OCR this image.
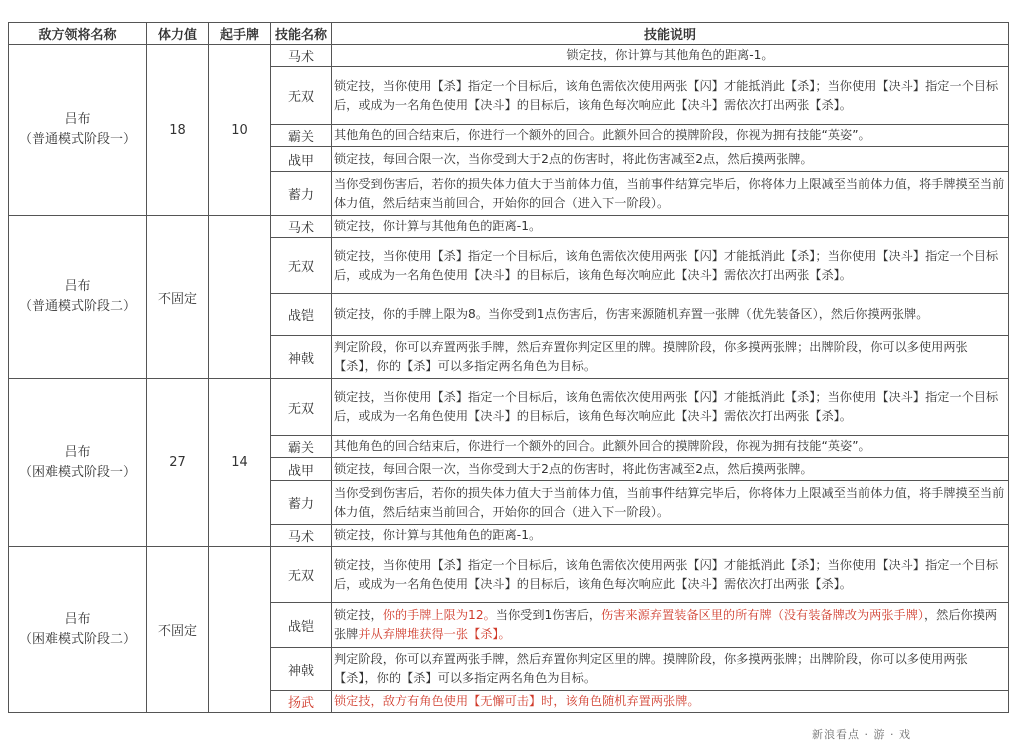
敌方领将名称	体力值	起手牌	技能名称	技能说明
吕布
（普通模式阶段一）	18	10	马术	锁定技，你计算与其他角色的距离-1。
			无双	锁定技，当你使用【杀】指定一个目标后，该角色需依次使用两张【闪】才能抵消此【杀】；当你使用【决斗】指定一个目标后，或成为一名角色使用【决斗】的目标后，该角色每次响应此【决斗】需依次打出两张【杀】。
			霸关	其他角色的回合结束后，你进行一个额外的回合。此额外回合的摸牌阶段，你视为拥有技能“英姿”。
			战甲	锁定技，每回合限一次，当你受到大于2点的伤害时，将此伤害减至2点，然后摸两张牌。
			蓄力	当你受到伤害后，若你的损失体力值大于当前体力值，当前事件结算完毕后，你将体力上限减至当前体力值，将手牌摸至当前体力值，然后结束当前回合，开始你的回合（进入下一阶段）。
吕布
（普通模式阶段二）	不固定		马术	锁定技，你计算与其他角色的距离-1。
			无双	锁定技，当你使用【杀】指定一个目标后，该角色需依次使用两张【闪】才能抵消此【杀】；当你使用【决斗】指定一个目标后，或成为一名角色使用【决斗】的目标后，该角色每次响应此【决斗】需依次打出两张【杀】。
			战铠	锁定技，你的手牌上限为8。当你受到1点伤害后，伤害来源随机弃置一张牌（优先装备区），然后你摸两张牌。
			神戟	判定阶段，你可以弃置两张手牌，然后弃置你判定区里的牌。摸牌阶段，你多摸两张牌；出牌阶段，你可以多使用两张【杀】，你的【杀】可以多指定两名角色为目标。
吕布
（困难模式阶段一）	27	14	无双	锁定技，当你使用【杀】指定一个目标后，该角色需依次使用两张【闪】才能抵消此【杀】；当你使用【决斗】指定一个目标后，或成为一名角色使用【决斗】的目标后，该角色每次响应此【决斗】需依次打出两张【杀】。
			霸关	其他角色的回合结束后，你进行一个额外的回合。此额外回合的摸牌阶段，你视为拥有技能“英姿”。
			战甲	锁定技，每回合限一次，当你受到大于2点的伤害时，将此伤害减至2点，然后摸两张牌。
			蓄力	当你受到伤害后，若你的损失体力值大于当前体力值，当前事件结算完毕后，你将体力上限减至当前体力值，将手牌摸至当前体力值，然后结束当前回合，开始你的回合（进入下一阶段）。
			马术	锁定技，你计算与其他角色的距离-1。
吕布
（困难模式阶段二）	不固定		无双	锁定技，当你使用【杀】指定一个目标后，该角色需依次使用两张【闪】才能抵消此【杀】；当你使用【决斗】指定一个目标后，或成为一名角色使用【决斗】的目标后，该角色每次响应此【决斗】需依次打出两张【杀】。
			战铠	锁定技，你的手牌上限为12。当你受到1伤害后，伤害来源弃置装备区里的所有牌（没有装备牌改为两张手牌），然后你摸两张牌并从弃牌堆获得一张【杀】。
			神戟	判定阶段，你可以弃置两张手牌，然后弃置你判定区里的牌。摸牌阶段，你多摸两张牌；出牌阶段，你可以多使用两张【杀】，你的【杀】可以多指定两名角色为目标。
			扬武	锁定技，敌方有角色使用【无懈可击】时，该角色随机弃置两张牌。
新浪看点 · 游 · 戏
